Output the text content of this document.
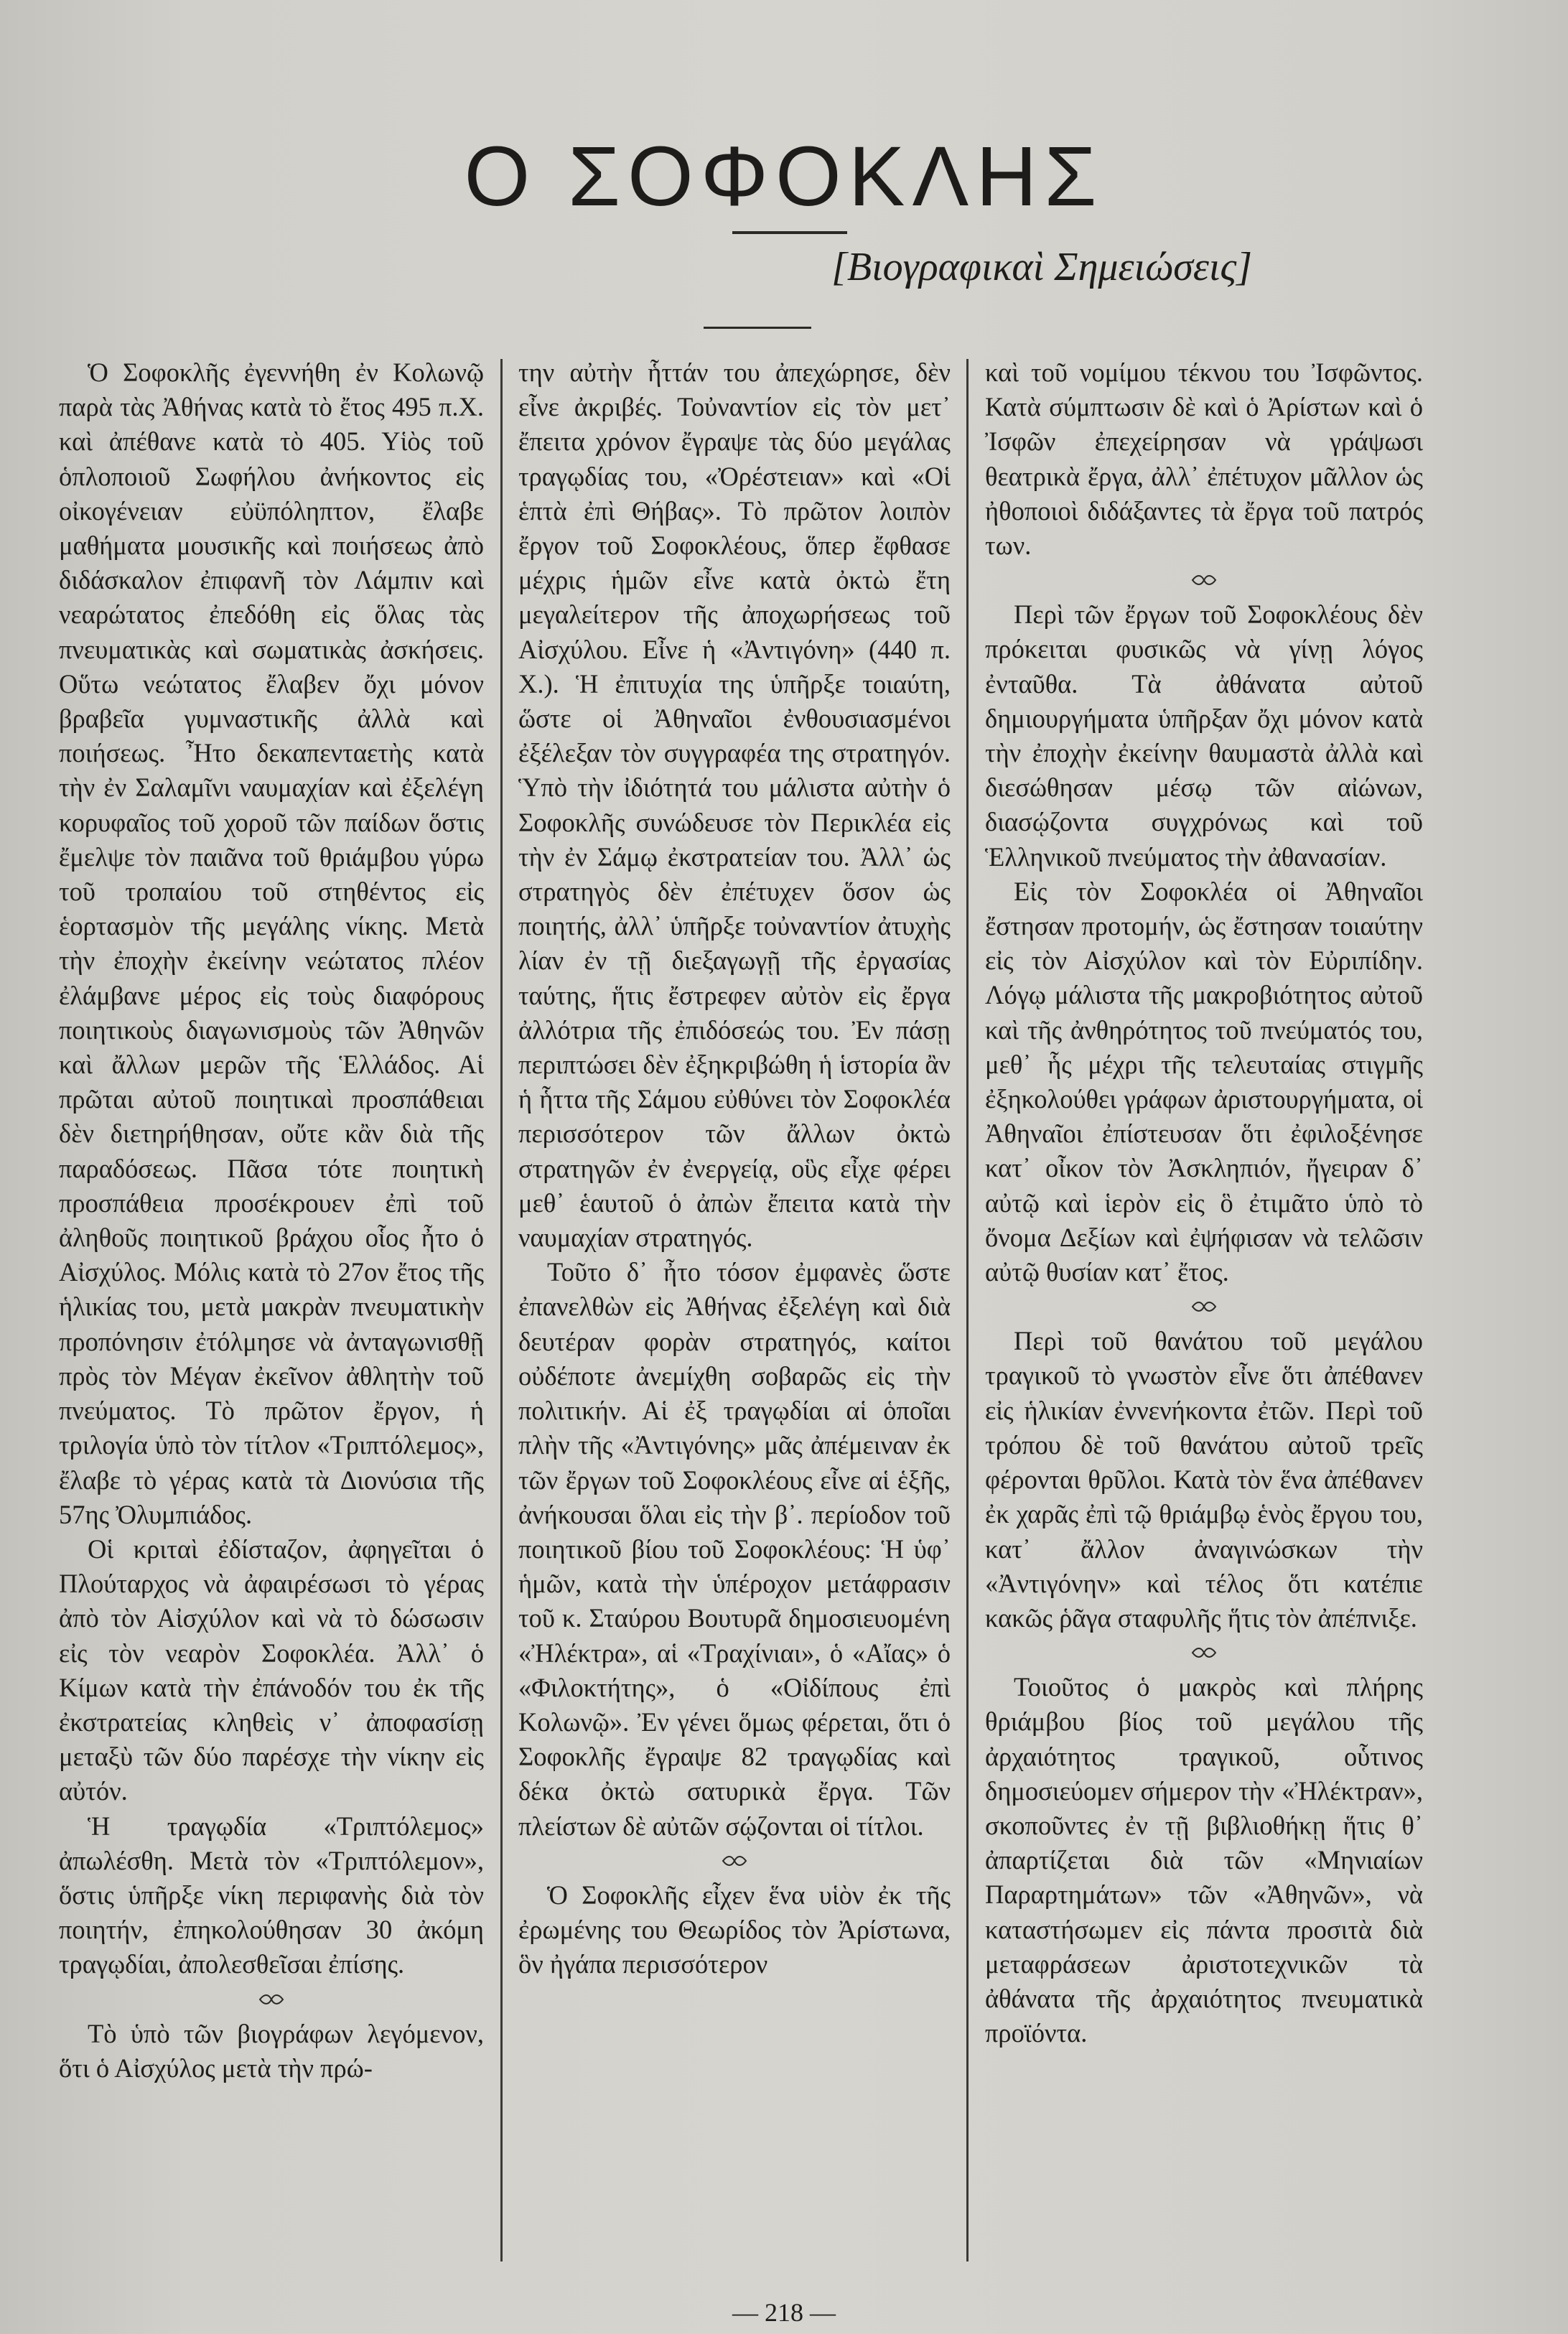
Ο ΣΟΦΟΚΛΗΣ
[Βιογραφικαὶ Σημειώσεις]

Ὁ Σοφοκλῆς ἐγεννήθη ἐν Κολωνῷ παρὰ τὰς Ἀθήνας κατὰ τὸ ἔτος 495 π.Χ. καὶ ἀπέθανε κατὰ τὸ 405. Υἱὸς τοῦ ὁπλοποιοῦ Σωφήλου ἀνήκοντος εἰς οἰκογένειαν εὐϋπόληπτον, ἔλαβε μαθήματα μουσικῆς καὶ ποιήσεως ἀπὸ διδάσκαλον ἐπιφανῆ τὸν Λάμπιν καὶ νεαρώτατος ἐπεδόθη εἰς ὅλας τὰς πνευματικὰς καὶ σωματικὰς ἀσκήσεις. Οὕτω νεώτατος ἔλαβεν ὄχι μόνον βραβεῖα γυμναστικῆς ἀλλὰ καὶ ποιήσεως. Ἦτο δεκαπενταετὴς κατὰ τὴν ἐν Σαλαμῖνι ναυμαχίαν καὶ ἐξελέγη κορυφαῖος τοῦ χοροῦ τῶν παίδων ὅστις ἔμελψε τὸν παιᾶνα τοῦ θριάμβου γύρω τοῦ τροπαίου τοῦ στηθέντος εἰς ἑορτασμὸν τῆς μεγάλης νίκης. Μετὰ τὴν ἐποχὴν ἐκείνην νεώτατος πλέον ἐλάμβανε μέρος εἰς τοὺς διαφόρους ποιητικοὺς διαγωνισμοὺς τῶν Ἀθηνῶν καὶ ἄλλων μερῶν τῆς Ἑλλάδος. Αἱ πρῶται αὐτοῦ ποιητικαὶ προσπάθειαι δὲν διετηρήθησαν, οὔτε κἂν διὰ τῆς παραδόσεως. Πᾶσα τότε ποιητικὴ προσπάθεια προσέκρουεν ἐπὶ τοῦ ἀληθοῦς ποιητικοῦ βράχου οἷος ἦτο ὁ Αἰσχύλος. Μόλις κατὰ τὸ 27ον ἔτος τῆς ἡλικίας του, μετὰ μακρὰν πνευματικὴν προπόνησιν ἐτόλμησε νὰ ἀνταγωνισθῇ πρὸς τὸν Μέγαν ἐκεῖνον ἀθλητὴν τοῦ πνεύματος. Τὸ πρῶτον ἔργον, ἡ τριλογία ὑπὸ τὸν τίτλον «Τριπτόλεμος», ἔλαβε τὸ γέρας κατὰ τὰ Διονύσια τῆς 57ης Ὀλυμπιάδος.

Οἱ κριταὶ ἐδίσταζον, ἀφηγεῖται ὁ Πλούταρχος νὰ ἀφαιρέσωσι τὸ γέρας ἀπὸ τὸν Αἰσχύλον καὶ νὰ τὸ δώσωσιν εἰς τὸν νεαρὸν Σοφοκλέα. Ἀλλ᾽ ὁ Κίμων κατὰ τὴν ἐπάνοδόν του ἐκ τῆς ἐκστρατείας κληθεὶς ν᾽ ἀποφασίσῃ μεταξὺ τῶν δύο παρέσχε τὴν νίκην εἰς αὐτόν.

Ἡ τραγῳδία «Τριπτόλεμος» ἀπωλέσθη. Μετὰ τὸν «Τριπτόλεμον», ὅστις ὑπῆρξε νίκη περιφανὴς διὰ τὸν ποιητήν, ἐπηκολούθησαν 30 ἀκόμη τραγῳδίαι, ἀπολεσθεῖσαι ἐπίσης.

Τὸ ὑπὸ τῶν βιογράφων λεγόμενον, ὅτι ὁ Αἰσχύλος μετὰ τὴν πρώ-

την αὐτὴν ἧττάν του ἀπεχώρησε, δὲν εἶνε ἀκριβές. Τοὐναντίον εἰς τὸν μετ᾽ ἔπειτα χρόνον ἔγραψε τὰς δύο μεγάλας τραγῳδίας του, «Ὀρέστειαν» καὶ «Οἱ ἑπτὰ ἐπὶ Θήβας». Τὸ πρῶτον λοιπὸν ἔργον τοῦ Σοφοκλέους, ὅπερ ἔφθασε μέχρις ἡμῶν εἶνε κατὰ ὀκτὼ ἔτη μεγαλείτερον τῆς ἀποχωρήσεως τοῦ Αἰσχύλου. Εἶνε ἡ «Ἀντιγόνη» (440 π. Χ.). Ἡ ἐπιτυχία της ὑπῆρξε τοιαύτη, ὥστε οἱ Ἀθηναῖοι ἐνθουσιασμένοι ἐξέλεξαν τὸν συγγραφέα της στρατηγόν. Ὑπὸ τὴν ἰδιότητά του μάλιστα αὐτὴν ὁ Σοφοκλῆς συνώδευσε τὸν Περικλέα εἰς τὴν ἐν Σάμῳ ἐκστρατείαν του. Ἀλλ᾽ ὡς στρατηγὸς δὲν ἐπέτυχεν ὅσον ὡς ποιητής, ἀλλ᾽ ὑπῆρξε τοὐναντίον ἀτυχὴς λίαν ἐν τῇ διεξαγωγῇ τῆς ἐργασίας ταύτης, ἥτις ἔστρεφεν αὐτὸν εἰς ἔργα ἀλλότρια τῆς ἐπιδόσεώς του. Ἐν πάσῃ περιπτώσει δὲν ἐξηκριβώθη ἡ ἱστορία ἂν ἡ ἧττα τῆς Σάμου εὐθύνει τὸν Σοφοκλέα περισσότερον τῶν ἄλλων ὀκτὼ στρατηγῶν ἐν ἐνεργείᾳ, οὓς εἶχε φέρει μεθ᾽ ἑαυτοῦ ὁ ἀπὼν ἔπειτα κατὰ τὴν ναυμαχίαν στρατηγός.

Τοῦτο δ᾽ ἦτο τόσον ἐμφανὲς ὥστε ἐπανελθὼν εἰς Ἀθήνας ἐξελέγη καὶ διὰ δευτέραν φορὰν στρατηγός, καίτοι οὐδέποτε ἀνεμίχθη σοβαρῶς εἰς τὴν πολιτικήν. Αἱ ἐξ τραγῳδίαι αἱ ὁποῖαι πλὴν τῆς «Ἀντιγόνης» μᾶς ἀπέμειναν ἐκ τῶν ἔργων τοῦ Σοφοκλέους εἶνε αἱ ἑξῆς, ἀνήκουσαι ὅλαι εἰς τὴν β᾽. περίοδον τοῦ ποιητικοῦ βίου τοῦ Σοφοκλέους: Ἡ ὑφ᾽ ἡμῶν, κατὰ τὴν ὑπέροχον μετάφρασιν τοῦ κ. Σταύρου Βουτυρᾶ δημοσιευομένη «Ἠλέκτρα», αἱ «Τραχίνιαι», ὁ «Αἴας» ὁ «Φιλοκτήτης», ὁ «Οἰδίπους ἐπὶ Κολωνῷ». Ἐν γένει ὅμως φέρεται, ὅτι ὁ Σοφοκλῆς ἔγραψε 82 τραγῳδίας καὶ δέκα ὀκτὼ σατυρικὰ ἔργα. Τῶν πλείστων δὲ αὐτῶν σῴζονται οἱ τίτλοι.

Ὁ Σοφοκλῆς εἶχεν ἕνα υἱὸν ἐκ τῆς ἐρωμένης του Θεωρίδος τὸν Ἀρίστωνα, ὃν ἠγάπα περισσότερον

καὶ τοῦ νομίμου τέκνου του Ἰσφῶντος. Κατὰ σύμπτωσιν δὲ καὶ ὁ Ἀρίστων καὶ ὁ Ἰσφῶν ἐπεχείρησαν νὰ γράψωσι θεατρικὰ ἔργα, ἀλλ᾽ ἐπέτυχον μᾶλλον ὡς ἠθοποιοὶ διδάξαντες τὰ ἔργα τοῦ πατρός των.

Περὶ τῶν ἔργων τοῦ Σοφοκλέους δὲν πρόκειται φυσικῶς νὰ γίνῃ λόγος ἐνταῦθα. Τὰ ἀθάνατα αὐτοῦ δημιουργήματα ὑπῆρξαν ὄχι μόνον κατὰ τὴν ἐποχὴν ἐκείνην θαυμαστὰ ἀλλὰ καὶ διεσώθησαν μέσῳ τῶν αἰώνων, διασῴζοντα συγχρόνως καὶ τοῦ Ἑλληνικοῦ πνεύματος τὴν ἀθανασίαν.

Εἰς τὸν Σοφοκλέα οἱ Ἀθηναῖοι ἔστησαν προτομήν, ὡς ἔστησαν τοιαύτην εἰς τὸν Αἰσχύλον καὶ τὸν Εὐριπίδην. Λόγῳ μάλιστα τῆς μακροβιότητος αὐτοῦ καὶ τῆς ἀνθηρότητος τοῦ πνεύματός του, μεθ᾽ ἧς μέχρι τῆς τελευταίας στιγμῆς ἐξηκολούθει γράφων ἀριστουργήματα, οἱ Ἀθηναῖοι ἐπίστευσαν ὅτι ἐφιλοξένησε κατ᾽ οἶκον τὸν Ἀσκληπιόν, ἤγειραν δ᾽ αὐτῷ καὶ ἱερὸν εἰς ὃ ἐτιμᾶτο ὑπὸ τὸ ὄνομα Δεξίων καὶ ἐψήφισαν νὰ τελῶσιν αὐτῷ θυσίαν κατ᾽ ἔτος.

Περὶ τοῦ θανάτου τοῦ μεγάλου τραγικοῦ τὸ γνωστὸν εἶνε ὅτι ἀπέθανεν εἰς ἡλικίαν ἐννενήκοντα ἐτῶν. Περὶ τοῦ τρόπου δὲ τοῦ θανάτου αὐτοῦ τρεῖς φέρονται θρῦλοι. Κατὰ τὸν ἕνα ἀπέθανεν ἐκ χαρᾶς ἐπὶ τῷ θριάμβῳ ἑνὸς ἔργου του, κατ᾽ ἄλλον ἀναγινώσκων τὴν «Ἀντιγόνην» καὶ τέλος ὅτι κατέπιε κακῶς ῥᾶγα σταφυλῆς ἥτις τὸν ἀπέπνιξε.

Τοιοῦτος ὁ μακρὸς καὶ πλήρης θριάμβου βίος τοῦ μεγάλου τῆς ἀρχαιότητος τραγικοῦ, οὗτινος δημοσιεύομεν σήμερον τὴν «Ἠλέκτραν», σκοποῦντες ἐν τῇ βιβλιοθήκῃ ἥτις θ᾽ ἀπαρτίζεται διὰ τῶν «Μηνιαίων Παραρτημάτων» τῶν «Ἀθηνῶν», νὰ καταστήσωμεν εἰς πάντα προσιτὰ διὰ μεταφράσεων ἀριστοτεχνικῶν τὰ ἀθάνατα τῆς ἀρχαιότητος πνευματικὰ προϊόντα.

— 218 —
